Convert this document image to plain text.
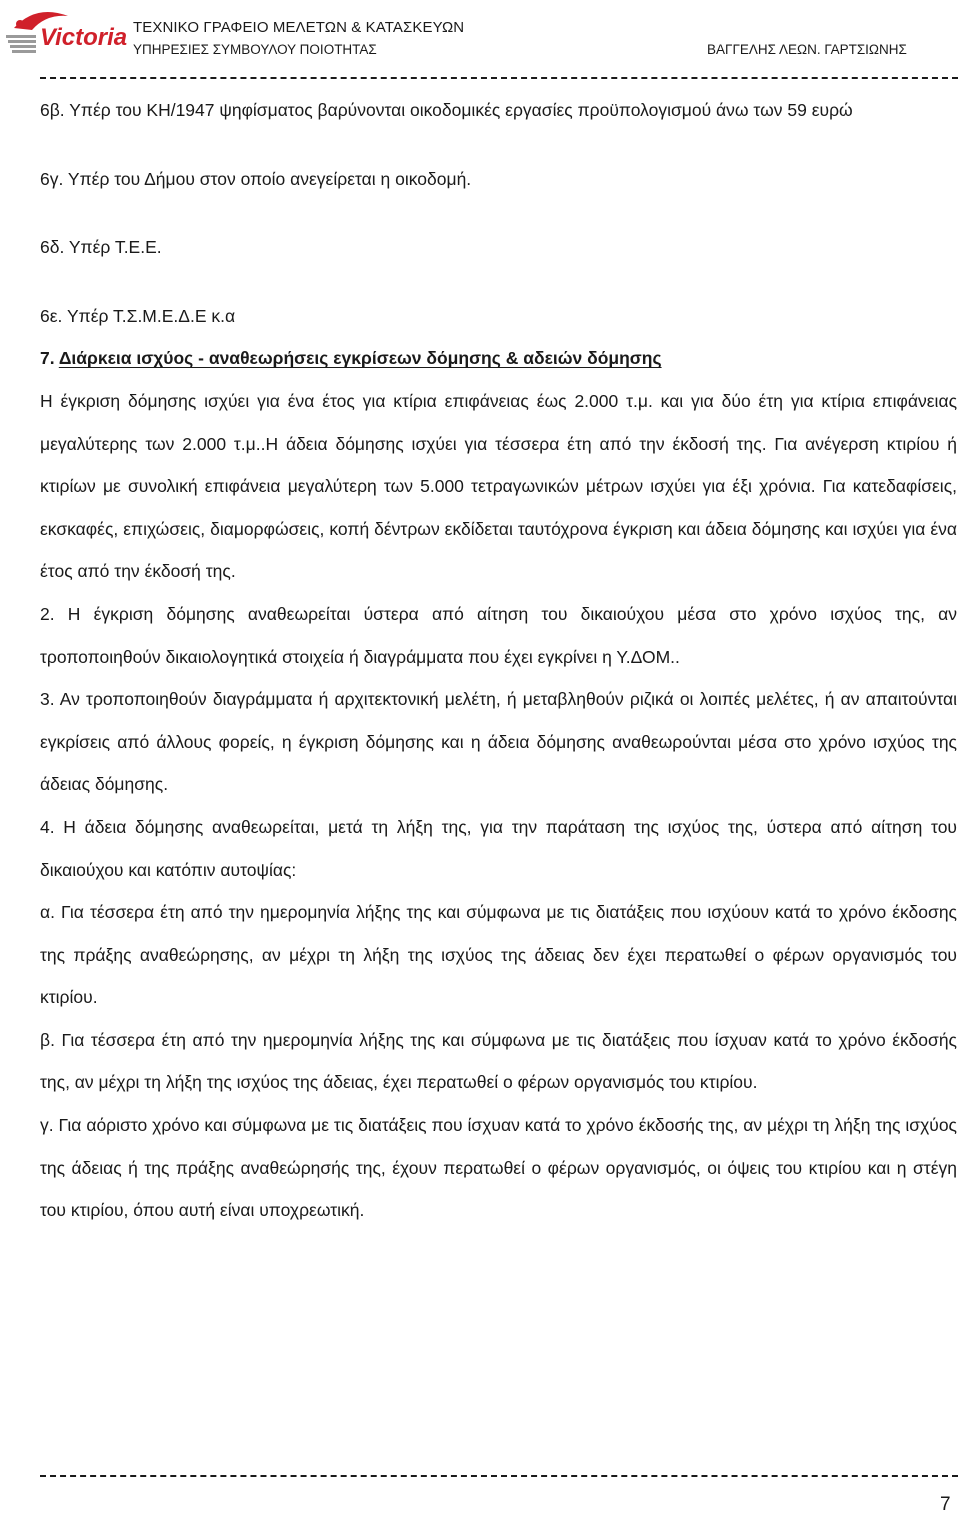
Victoria ΤΕΧΝΙΚΟ ΓΡΑΦΕΙΟ ΜΕΛΕΤΩΝ & ΚΑΤΑΣΚΕΥΩΝ
ΥΠΗΡΕΣΙΕΣ ΣΥΜΒΟΥΛΟΥ ΠΟΙΟΤΗΤΑΣ	ΒΑΓΓΕΛΗΣ ΛΕΩΝ. ΓΑΡΤΣΙΩΝΗΣ

6β. Υπέρ του ΚΗ/1947 ψηφίσματος βαρύνονται οικοδομικές εργασίες προϋπολογισμού άνω των 59 ευρώ

6γ. Υπέρ του Δήμου στον οποίο ανεγείρεται η οικοδομή.

6δ. Υπέρ Τ.Ε.Ε.

6ε. Υπέρ Τ.Σ.Μ.Ε.Δ.Ε κ.α

7. Διάρκεια ισχύος - αναθεωρήσεις εγκρίσεων δόμησης & αδειών δόμησης

Η έγκριση δόμησης ισχύει για ένα έτος για κτίρια επιφάνειας έως 2.000 τ.μ. και για δύο έτη για κτίρια επιφάνειας μεγαλύτερης των 2.000 τ.μ..Η άδεια δόμησης ισχύει για τέσσερα έτη από την έκδοσή της. Για ανέγερση κτιρίου ή κτιρίων με συνολική επιφάνεια μεγαλύτερη των 5.000 τετραγωνικών μέτρων ισχύει για έξι χρόνια. Για κατεδαφίσεις, εκσκαφές, επιχώσεις, διαμορφώσεις, κοπή δέντρων εκδίδεται ταυτόχρονα έγκριση και άδεια δόμησης και ισχύει για ένα έτος από την έκδοσή της.

2. Η έγκριση δόμησης αναθεωρείται ύστερα από αίτηση του δικαιούχου μέσα στο χρόνο ισχύος της, αν τροποποιηθούν δικαιολογητικά στοιχεία ή διαγράμματα που έχει εγκρίνει η Υ.ΔΟΜ..

3. Αν τροποποιηθούν διαγράμματα ή αρχιτεκτονική μελέτη, ή μεταβληθούν ριζικά οι λοιπές μελέτες, ή αν απαιτούνται εγκρίσεις από άλλους φορείς, η έγκριση δόμησης και η άδεια δόμησης αναθεωρούνται μέσα στο χρόνο ισχύος της άδειας δόμησης.

4. Η άδεια δόμησης αναθεωρείται, μετά τη λήξη της, για την παράταση της ισχύος της, ύστερα από αίτηση του δικαιούχου και κατόπιν αυτοψίας:

α. Για τέσσερα έτη από την ημερομηνία λήξης της και σύμφωνα με τις διατάξεις που ισχύουν κατά το χρόνο έκδοσης της πράξης αναθεώρησης, αν μέχρι τη λήξη της ισχύος της άδειας δεν έχει περατωθεί ο φέρων οργανισμός του κτιρίου.

β. Για τέσσερα έτη από την ημερομηνία λήξης της και σύμφωνα με τις διατάξεις που ίσχυαν κατά το χρόνο έκδοσής της, αν μέχρι τη λήξη της ισχύος της άδειας, έχει περατωθεί ο φέρων οργανισμός του κτιρίου.

γ. Για αόριστο χρόνο και σύμφωνα με τις διατάξεις που ίσχυαν κατά το χρόνο έκδοσής της, αν μέχρι τη λήξη της ισχύος της άδειας ή της πράξης αναθεώρησής της, έχουν περατωθεί ο φέρων οργανισμός, οι όψεις του κτιρίου και η στέγη του κτιρίου, όπου αυτή είναι υποχρεωτική.

7
